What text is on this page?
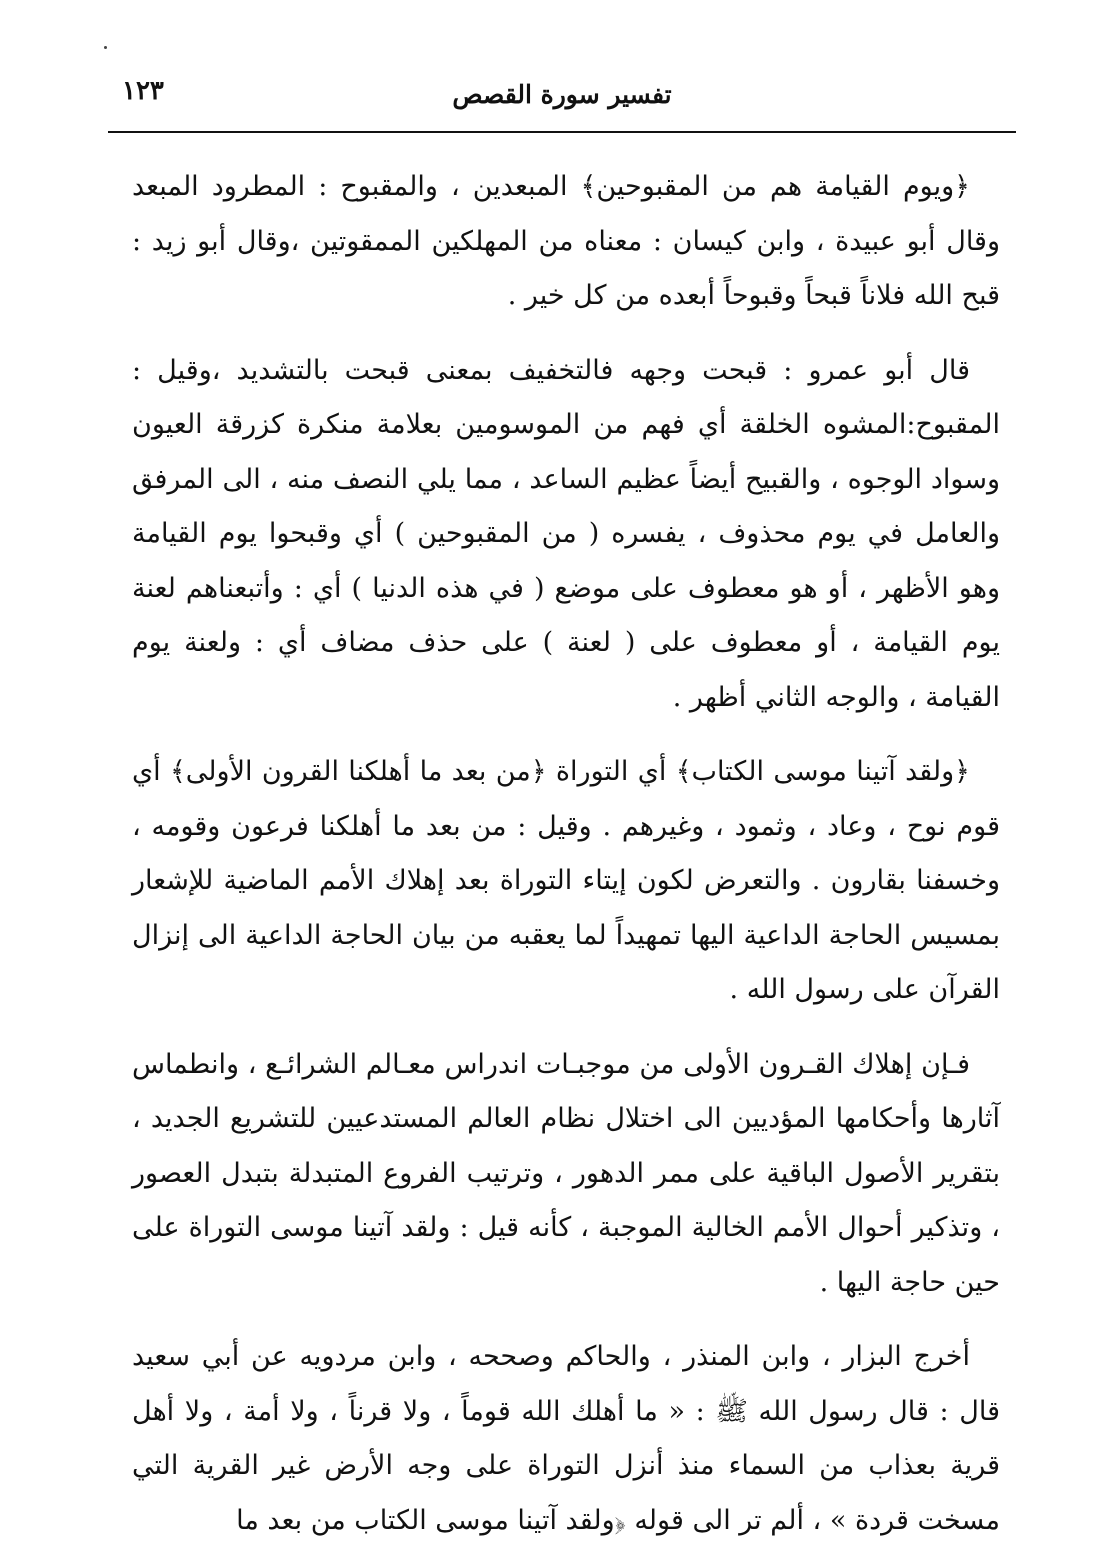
١٢٣	تفسير سورة القصص

﴿ويوم القيامة هم من المقبوحين﴾ المبعدين ، والمقبوح : المطرود المبعد وقال أبو عبيدة ، وابن كيسان : معناه من المهلكين الممقوتين ،وقال أبو زيد : قبح الله فلاناً قبحاً وقبوحاً أبعده من كل خير .

قال أبو عمرو : قبحت وجهه فالتخفيف بمعنى قبحت بالتشديد ،وقيل : المقبوح:المشوه الخلقة أي فهم من الموسومين بعلامة منكرة كزرقة العيون وسواد الوجوه ، والقبيح أيضاً عظيم الساعد ، مما يلي النصف منه ، الى المرفق والعامل في يوم محذوف ، يفسره ( من المقبوحين ) أي وقبحوا يوم القيامة وهو الأظهر ، أو هو معطوف على موضع ( في هذه الدنيا ) أي : وأتبعناهم لعنة يوم القيامة ، أو معطوف على ( لعنة ) على حذف مضاف أي : ولعنة يوم القيامة ، والوجه الثاني أظهر .

﴿ولقد آتينا موسى الكتاب﴾ أي التوراة ﴿من بعد ما أهلكنا القرون الأولى﴾ أي قوم نوح ، وعاد ، وثمود ، وغيرهم . وقيل : من بعد ما أهلكنا فرعون وقومه ، وخسفنا بقارون . والتعرض لكون إيتاء التوراة بعد إهلاك الأمم الماضية للإشعار بمسيس الحاجة الداعية اليها تمهيداً لما يعقبه من بيان الحاجة الداعية الى إنزال القرآن على رسول الله .

فـإن إهلاك القـرون الأولى من موجبـات اندراس معـالم الشرائـع ، وانطماس آثارها وأحكامها المؤديين الى اختلال نظام العالم المستدعيين للتشريع الجديد ، بتقرير الأصول الباقية على ممر الدهور ، وترتيب الفروع المتبدلة بتبدل العصور ، وتذكير أحوال الأمم الخالية الموجبة ، كأنه قيل : ولقد آتينا موسى التوراة على حين حاجة اليها .

أخرج البزار ، وابن المنذر ، والحاكم وصححه ، وابن مردويه عن أبي سعيد قال : قال رسول الله ﷺ : « ما أهلك الله قوماً ، ولا قرناً ، ولا أمة ، ولا أهل قرية بعذاب من السماء منذ أنزل التوراة على وجه الأرض غير القرية التي مسخت قردة » ، ألم تر الى قوله ﴿ولقد آتينا موسى الكتاب من بعد ما
